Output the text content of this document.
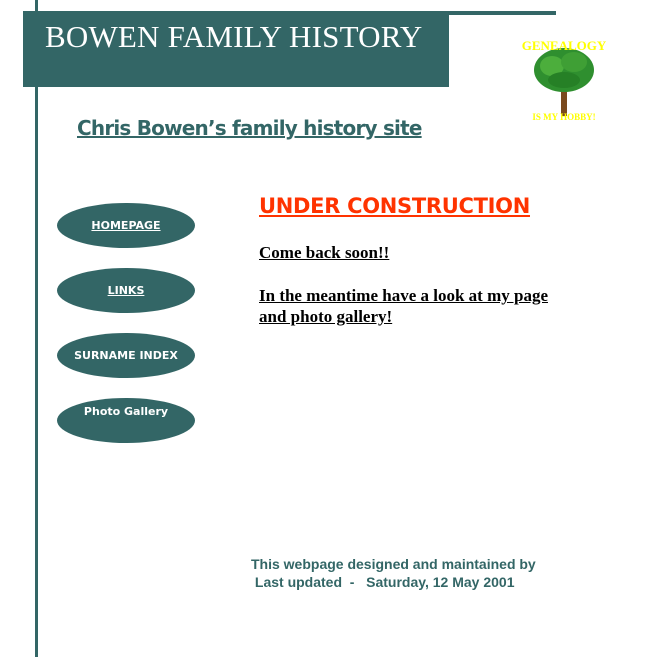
BOWEN FAMILY HISTORY	GENEALOGY
IS MY HOBBY!
Chris Bowen’s family history site
HOMEPAGE
LINKS
SURNAME INDEX
Photo Gallery
UNDER CONSTRUCTION
Come back soon!!
In the meantime have a look at my page and photo gallery!
This webpage designed and maintained by
Last updated  -   Saturday, 12 May 2001
